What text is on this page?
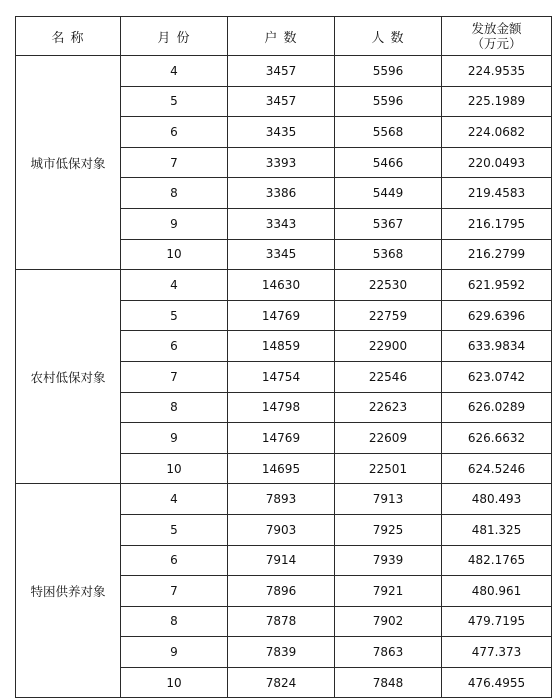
名 称	月 份	户 数	人 数	发放金额
（万元）

城市低保对象	4	3457	5596	224.9535
	5	3457	5596	225.1989
	6	3435	5568	224.0682
	7	3393	5466	220.0493
	8	3386	5449	219.4583
	9	3343	5367	216.1795
	10	3345	5368	216.2799
农村低保对象	4	14630	22530	621.9592
	5	14769	22759	629.6396
	6	14859	22900	633.9834
	7	14754	22546	623.0742
	8	14798	22623	626.0289
	9	14769	22609	626.6632
	10	14695	22501	624.5246
特困供养对象	4	7893	7913	480.493
	5	7903	7925	481.325
	6	7914	7939	482.1765
	7	7896	7921	480.961
	8	7878	7902	479.7195
	9	7839	7863	477.373
	10	7824	7848	476.4955
